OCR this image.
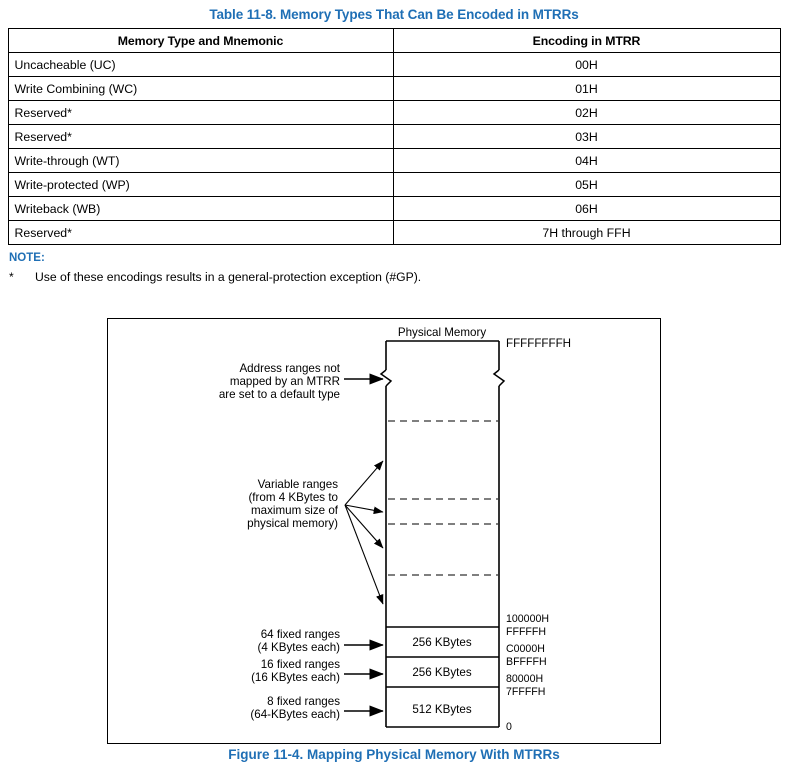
Table 11-8. Memory Types That Can Be Encoded in MTRRs
Memory Type and Mnemonic	Encoding in MTRR
Uncacheable (UC)	00H
Write Combining (WC)	01H
Reserved*	02H
Reserved*	03H
Write-through (WT)	04H
Write-protected (WP)	05H
Writeback (WB)	06H
Reserved*	7H through FFH
NOTE:
*	Use of these encodings results in a general-protection exception (#GP).
Physical Memory
FFFFFFFFH
256 KBytes
256 KBytes
512 KBytes
100000H
FFFFFH
C0000H
BFFFFH
80000H
7FFFFH
0
Address ranges not
mapped by an MTRR
are set to a default type
Variable ranges
(from 4 KBytes to
maximum size of
physical memory)
64 fixed ranges
(4 KBytes each)
16 fixed ranges
(16 KBytes each)
8 fixed ranges
(64-KBytes each)
Figure 11-4. Mapping Physical Memory With MTRRs
